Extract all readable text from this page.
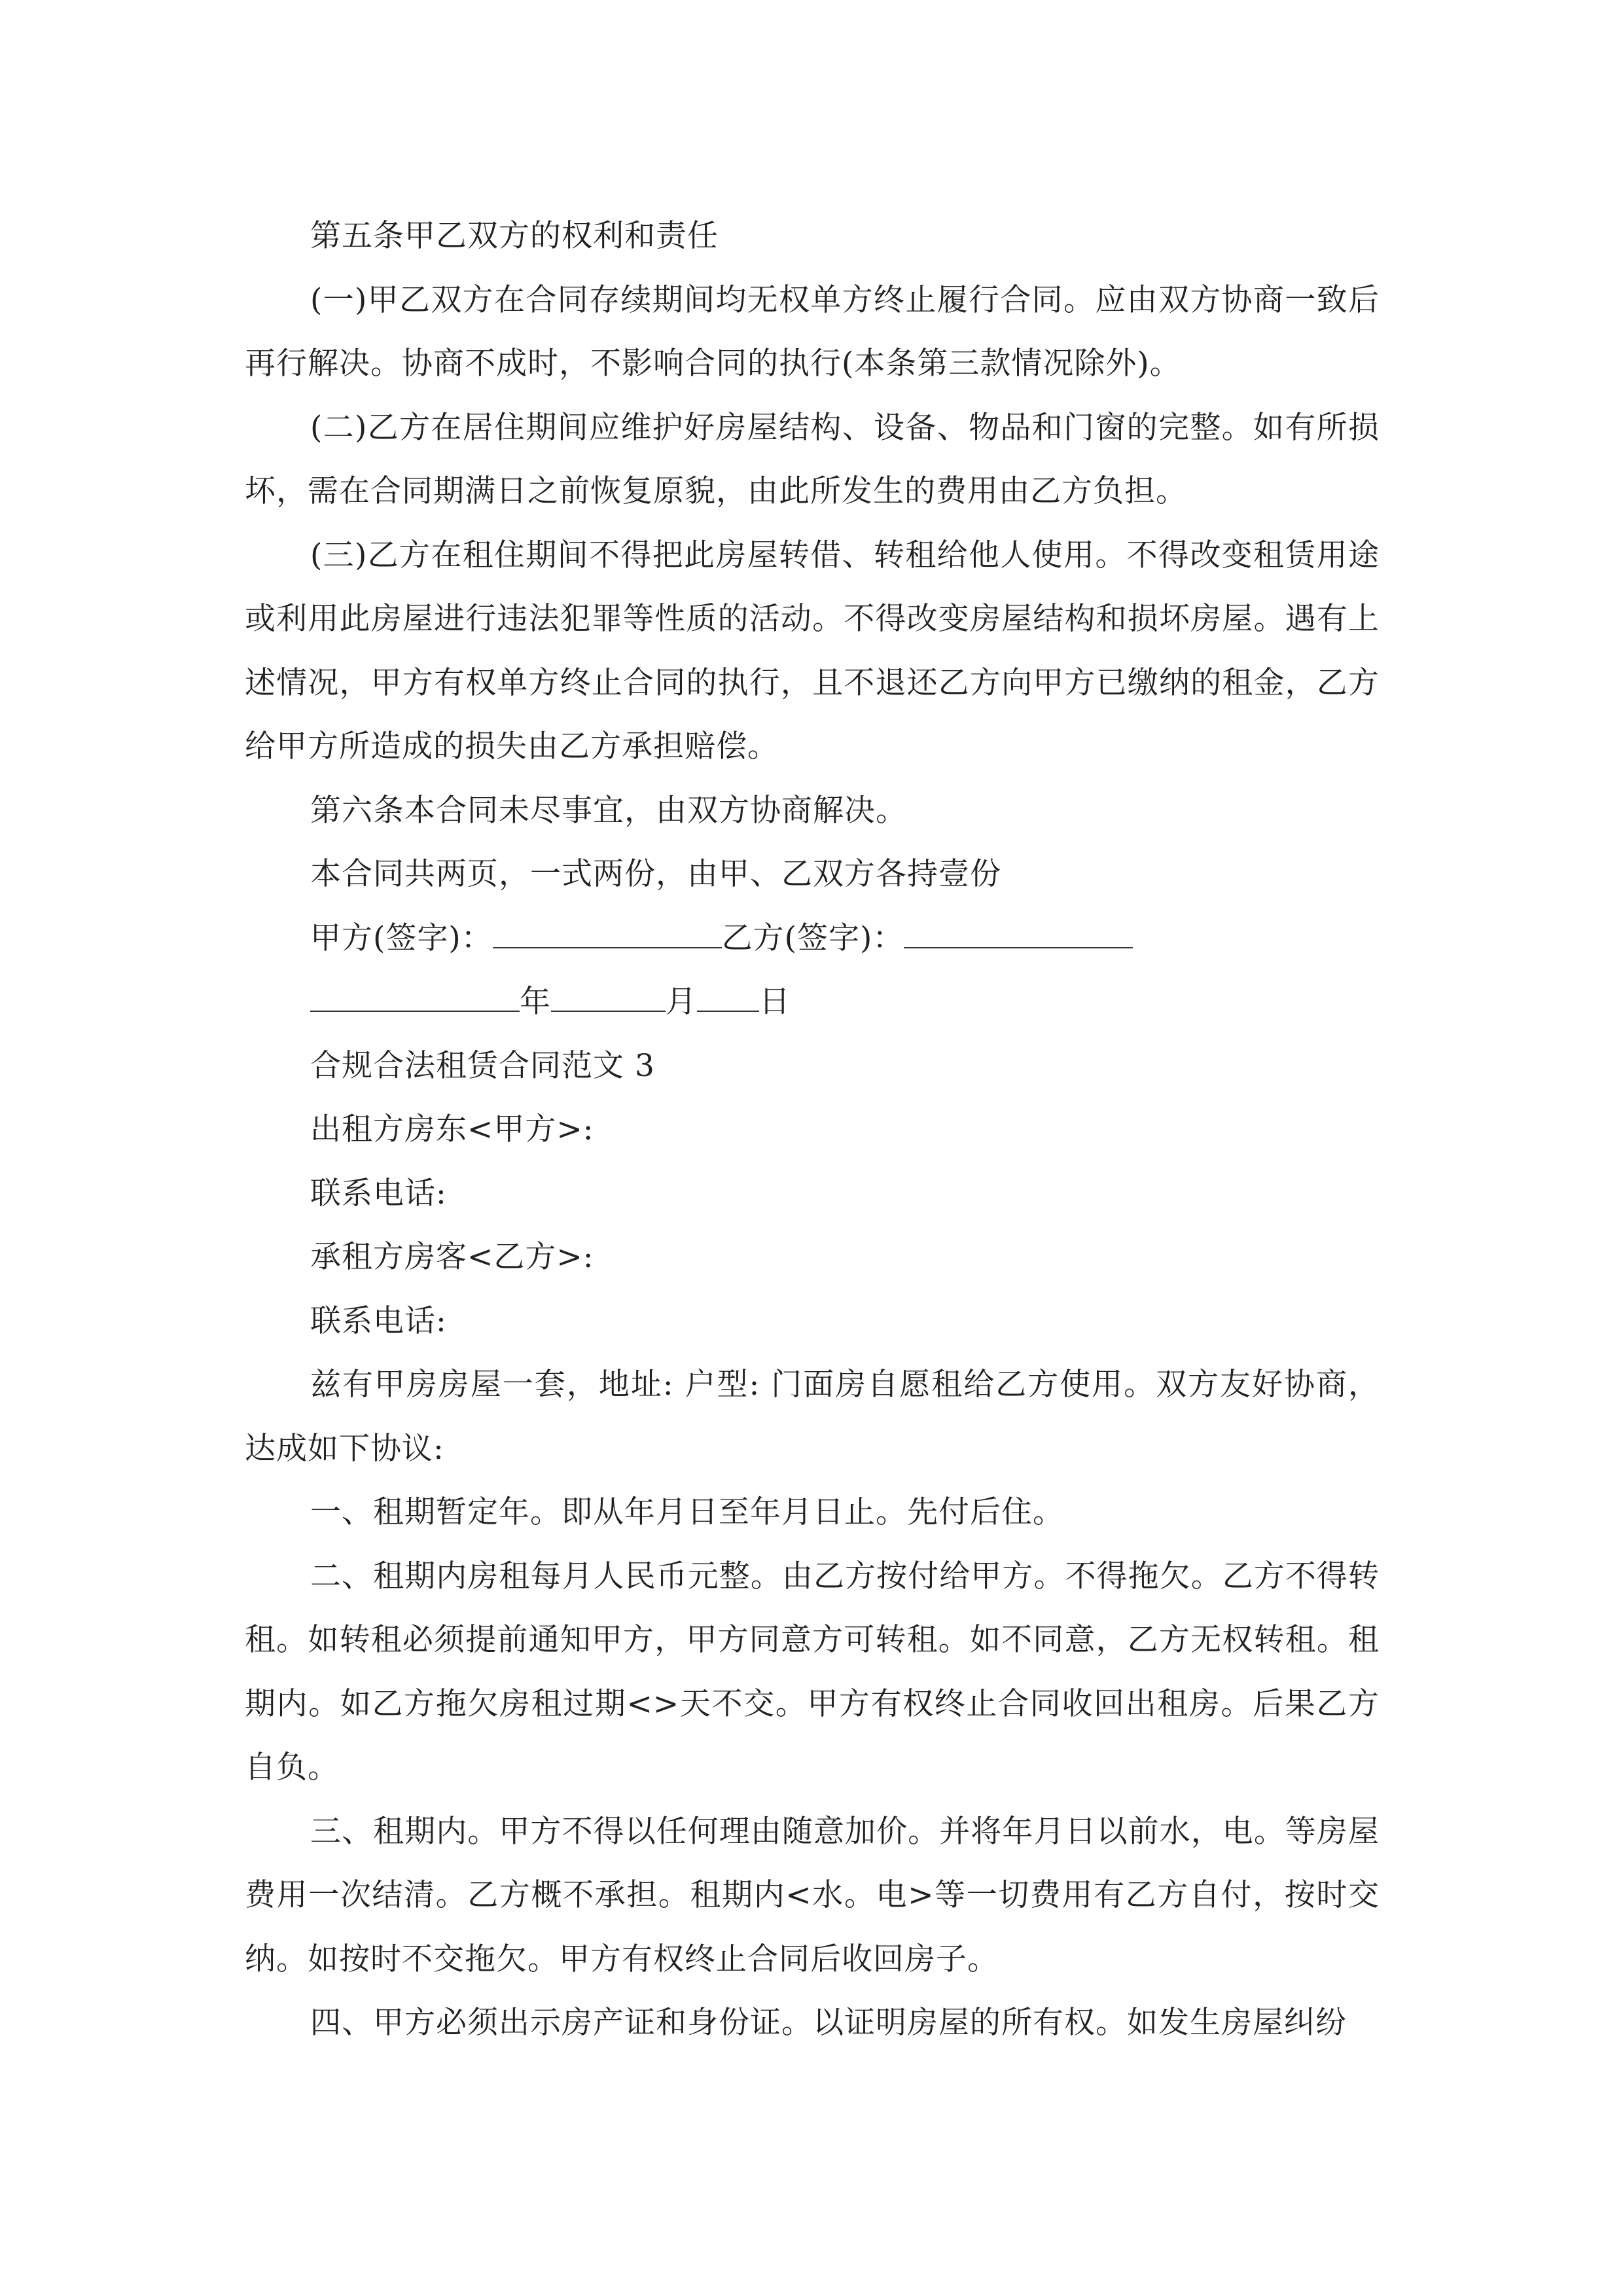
第五条甲乙双方的权利和责任

(一)甲乙双方在合同存续期间均无权单方终止履行合同。应由双方协商一致后再行解决。协商不成时，不影响合同的执行(本条第三款情况除外)。

(二)乙方在居住期间应维护好房屋结构、设备、物品和门窗的完整。如有所损坏，需在合同期满日之前恢复原貌，由此所发生的费用由乙方负担。

(三)乙方在租住期间不得把此房屋转借、转租给他人使用。不得改变租赁用途或利用此房屋进行违法犯罪等性质的活动。不得改变房屋结构和损坏房屋。遇有上述情况，甲方有权单方终止合同的执行，且不退还乙方向甲方已缴纳的租金，乙方给甲方所造成的损失由乙方承担赔偿。

第六条本合同未尽事宜，由双方协商解决。

本合同共两页，一式两份，由甲、乙双方各持壹份

甲方(签字)：	乙方(签字)：

年	月 日

合规合法租赁合同范文 3

出租方房东<甲方>:

联系电话:

承租方房客<乙方>:

联系电话:

兹有甲房房屋一套，地址: 户型: 门面房自愿租给乙方使用。双方友好协商，达成如下协议:

一、租期暂定年。即从年月日至年月日止。先付后住。

二、租期内房租每月人民币元整。由乙方按付给甲方。不得拖欠。乙方不得转租。如转租必须提前通知甲方，甲方同意方可转租。如不同意，乙方无权转租。租期内。如乙方拖欠房租过期<>天不交。甲方有权终止合同收回出租房。后果乙方自负。

三、租期内。甲方不得以任何理由随意加价。并将年月日以前水，电。等房屋费用一次结清。乙方概不承担。租期内<水。电>等一切费用有乙方自付，按时交纳。如按时不交拖欠。甲方有权终止合同后收回房子。

四、甲方必须出示房产证和身份证。以证明房屋的所有权。如发生房屋纠纷
